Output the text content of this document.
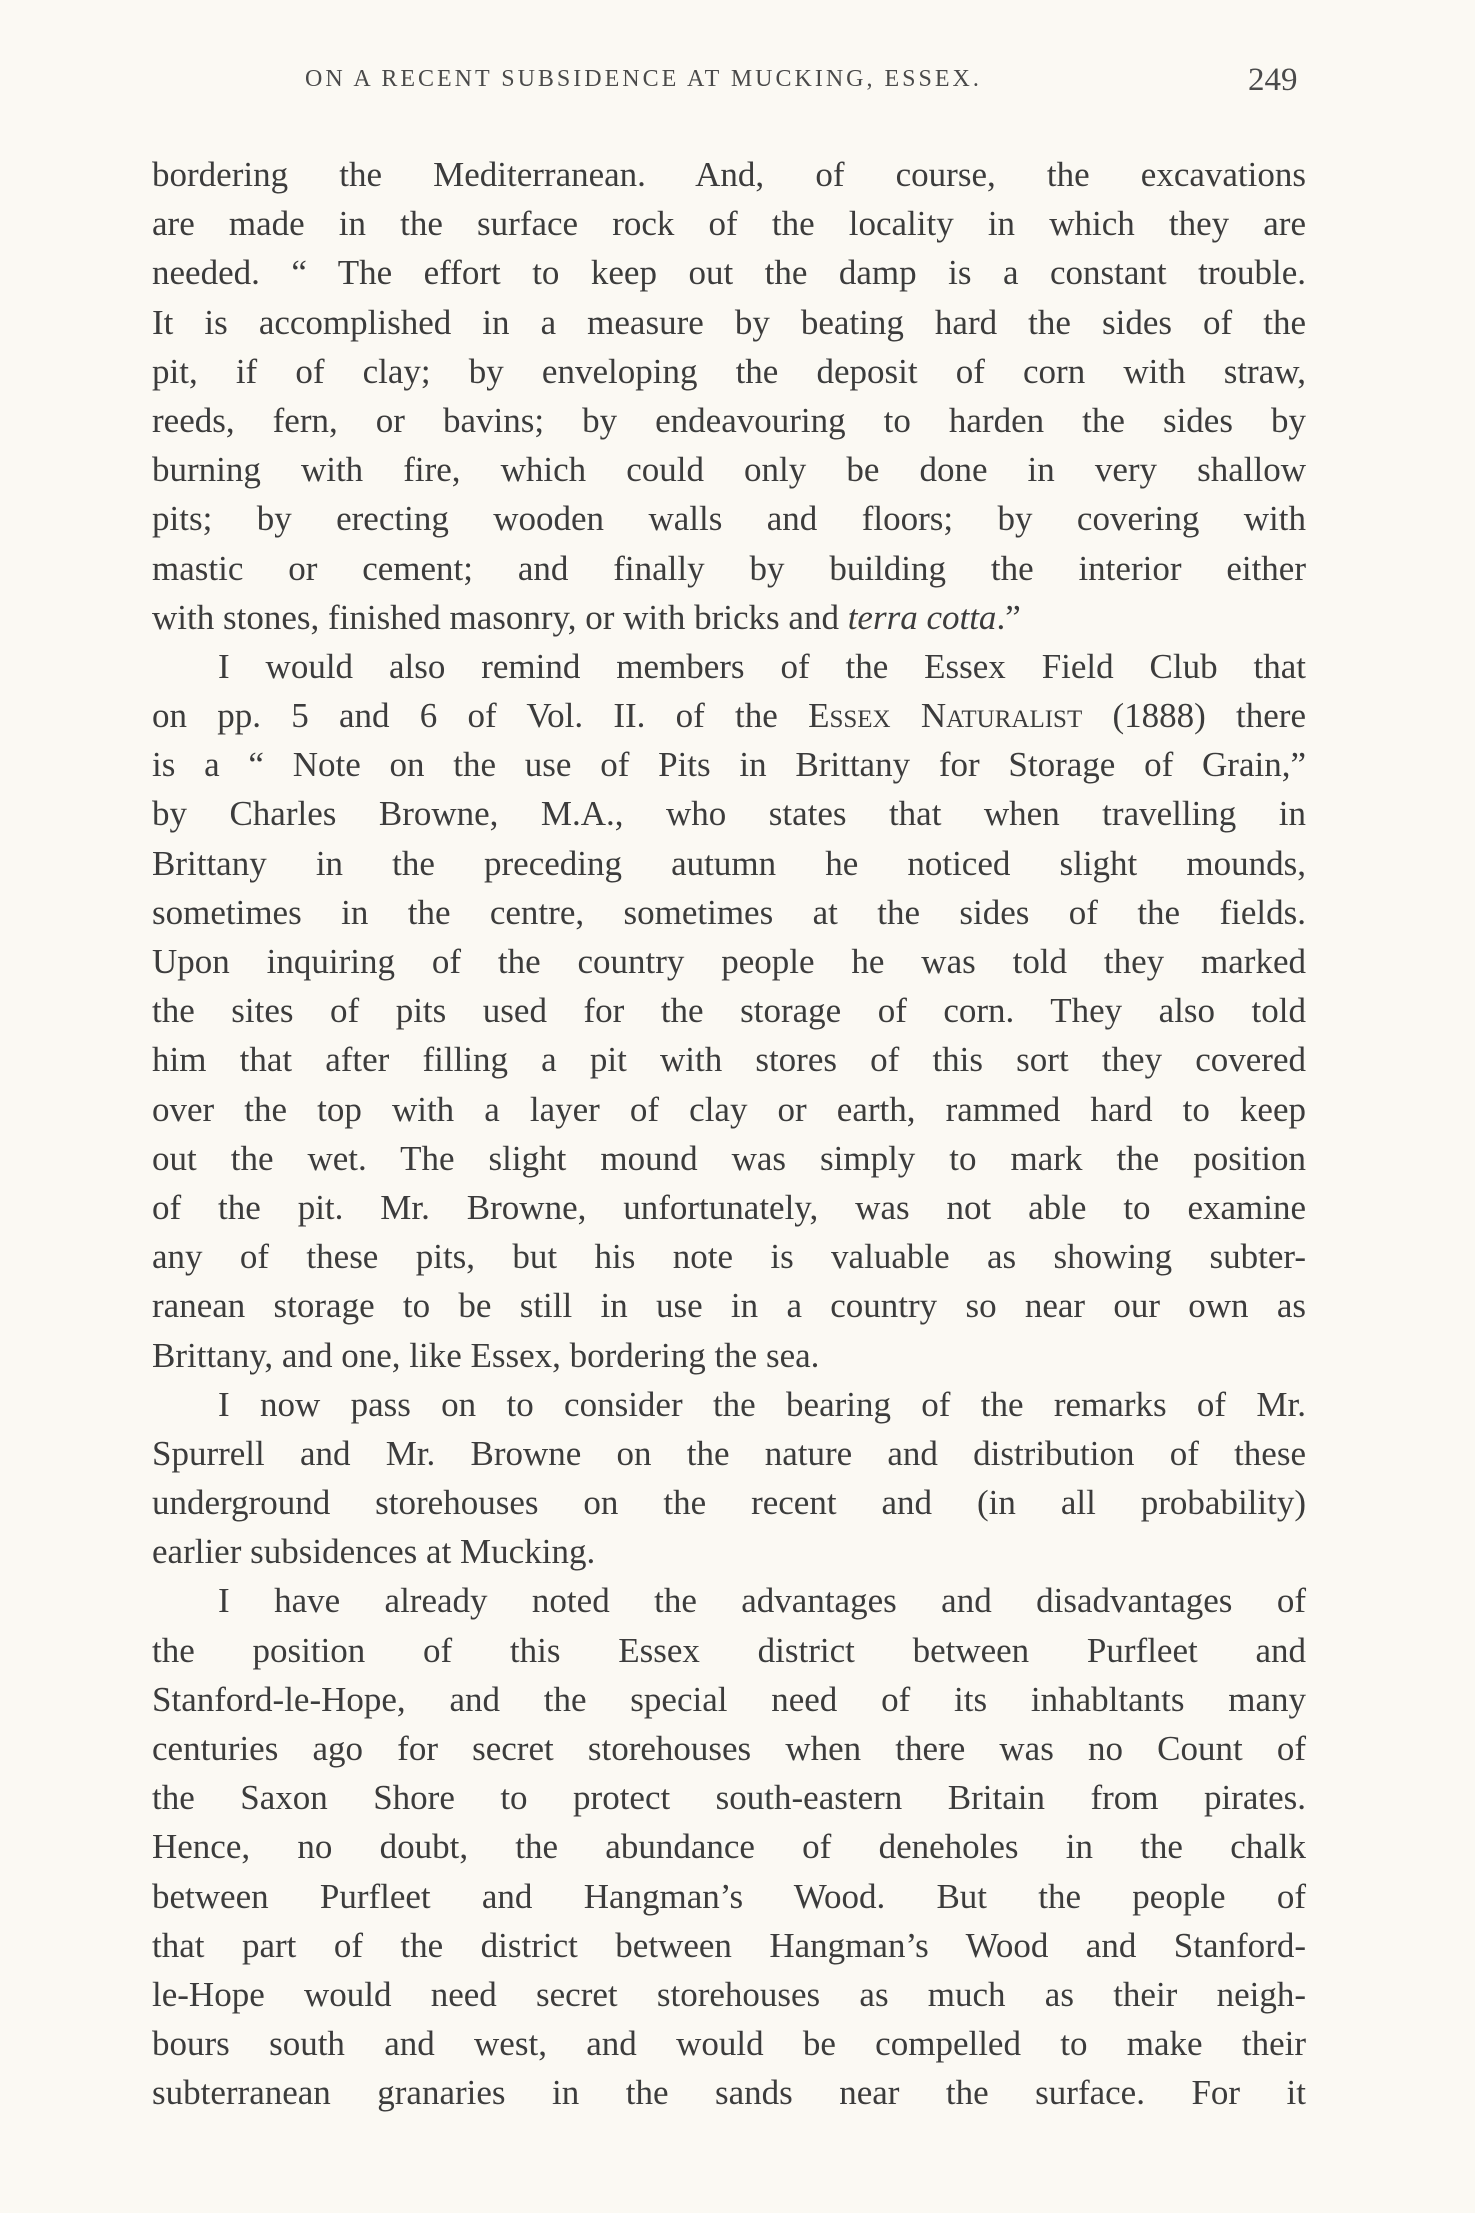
ON A RECENT SUBSIDENCE AT MUCKING, ESSEX.	249
bordering the Mediterranean. And, of course, the excavations
are made in the surface rock of the locality in which they are
needed. “ The effort to keep out the damp is a constant trouble.
It is accomplished in a measure by beating hard the sides of the
pit, if of clay; by enveloping the deposit of corn with straw,
reeds, fern, or bavins; by endeavouring to harden the sides by
burning with fire, which could only be done in very shallow
pits; by erecting wooden walls and floors; by covering with
mastic or cement; and finally by building the interior either
with stones, finished masonry, or with bricks and terra cotta.”
I would also remind members of the Essex Field Club that
on pp. 5 and 6 of Vol. II. of the Essex Naturalist (1888) there
is a “ Note on the use of Pits in Brittany for Storage of Grain,”
by Charles Browne, M.A., who states that when travelling in
Brittany in the preceding autumn he noticed slight mounds,
sometimes in the centre, sometimes at the sides of the fields.
Upon inquiring of the country people he was told they marked
the sites of pits used for the storage of corn. They also told
him that after filling a pit with stores of this sort they covered
over the top with a layer of clay or earth, rammed hard to keep
out the wet. The slight mound was simply to mark the position
of the pit. Mr. Browne, unfortunately, was not able to examine
any of these pits, but his note is valuable as showing subter-
ranean storage to be still in use in a country so near our own as
Brittany, and one, like Essex, bordering the sea.
I now pass on to consider the bearing of the remarks of Mr.
Spurrell and Mr. Browne on the nature and distribution of these
underground storehouses on the recent and (in all probability)
earlier subsidences at Mucking.
I have already noted the advantages and disadvantages of
the position of this Essex district between Purfleet and
Stanford-le-Hope, and the special need of its inhabltants many
centuries ago for secret storehouses when there was no Count of
the Saxon Shore to protect south-eastern Britain from pirates.
Hence, no doubt, the abundance of deneholes in the chalk
between Purfleet and Hangman’s Wood. But the people of
that part of the district between Hangman’s Wood and Stanford-
le-Hope would need secret storehouses as much as their neigh-
bours south and west, and would be compelled to make their
subterranean granaries in the sands near the surface. For it
